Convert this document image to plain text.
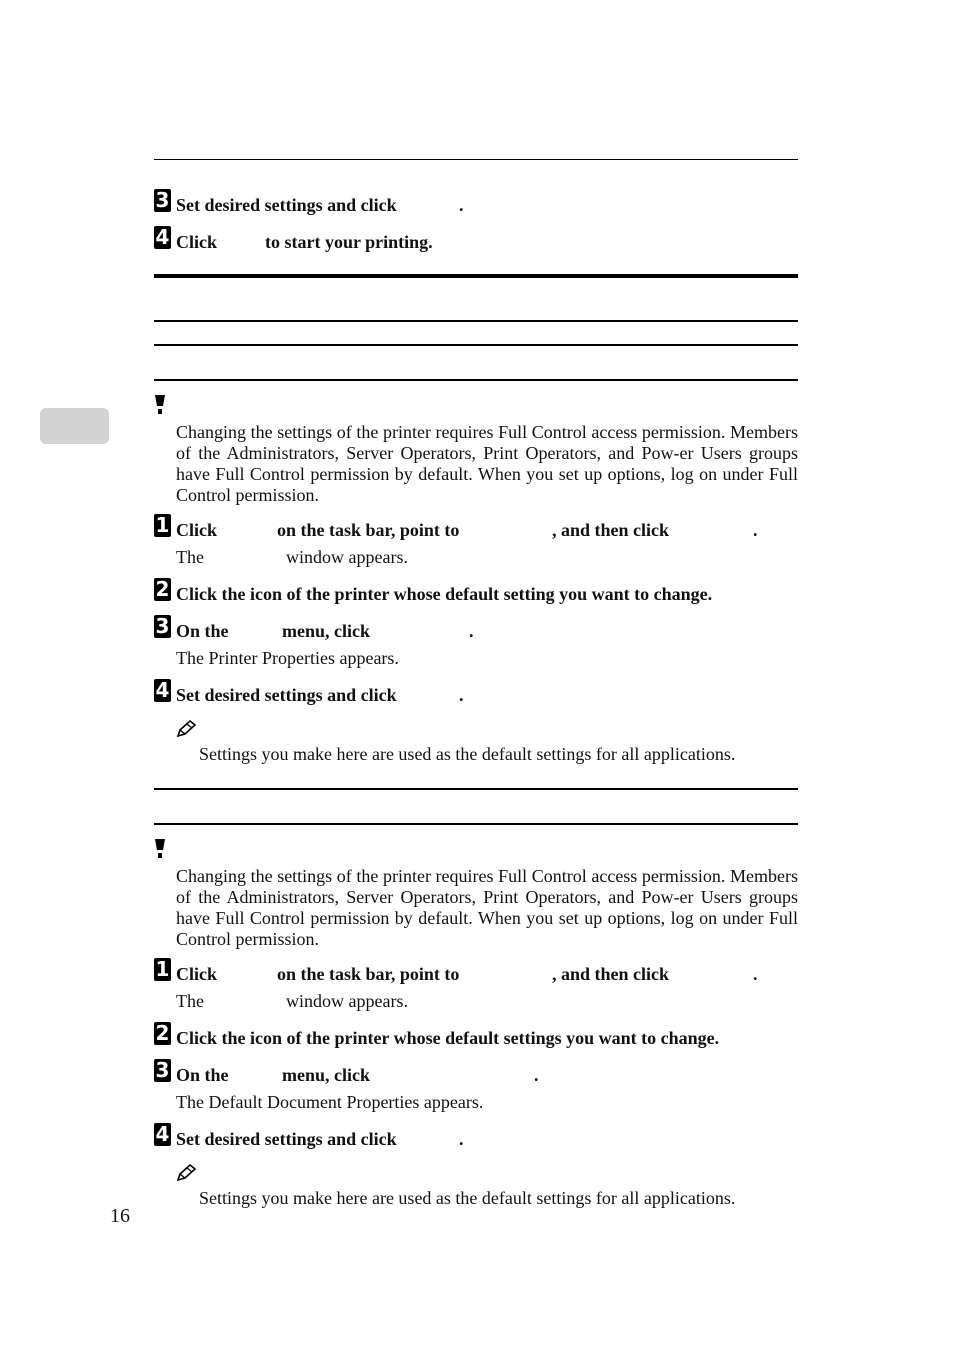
3 Set desired settings and click	.
4 Click	to start your printing.
Changing the settings of the printer requires Full Control access permission. Members of the Administrators, Server Operators, Print Operators, and Pow-er Users groups have Full Control permission by default. When you set up options, log on under Full Control permission.
1 Click	on the task bar, point to	, and then click	.
The	window appears.
2 Click the icon of the printer whose default setting you want to change.
3 On the	menu, click	.
The Printer Properties appears.
4 Set desired settings and click	.
Settings you make here are used as the default settings for all applications.
Changing the settings of the printer requires Full Control access permission. Members of the Administrators, Server Operators, Print Operators, and Pow-er Users groups have Full Control permission by default. When you set up options, log on under Full Control permission.
1 Click	on the task bar, point to	, and then click	.
The	window appears.
2 Click the icon of the printer whose default settings you want to change.
3 On the	menu, click	.
The Default Document Properties appears.
4 Set desired settings and click	.
Settings you make here are used as the default settings for all applications.
16
